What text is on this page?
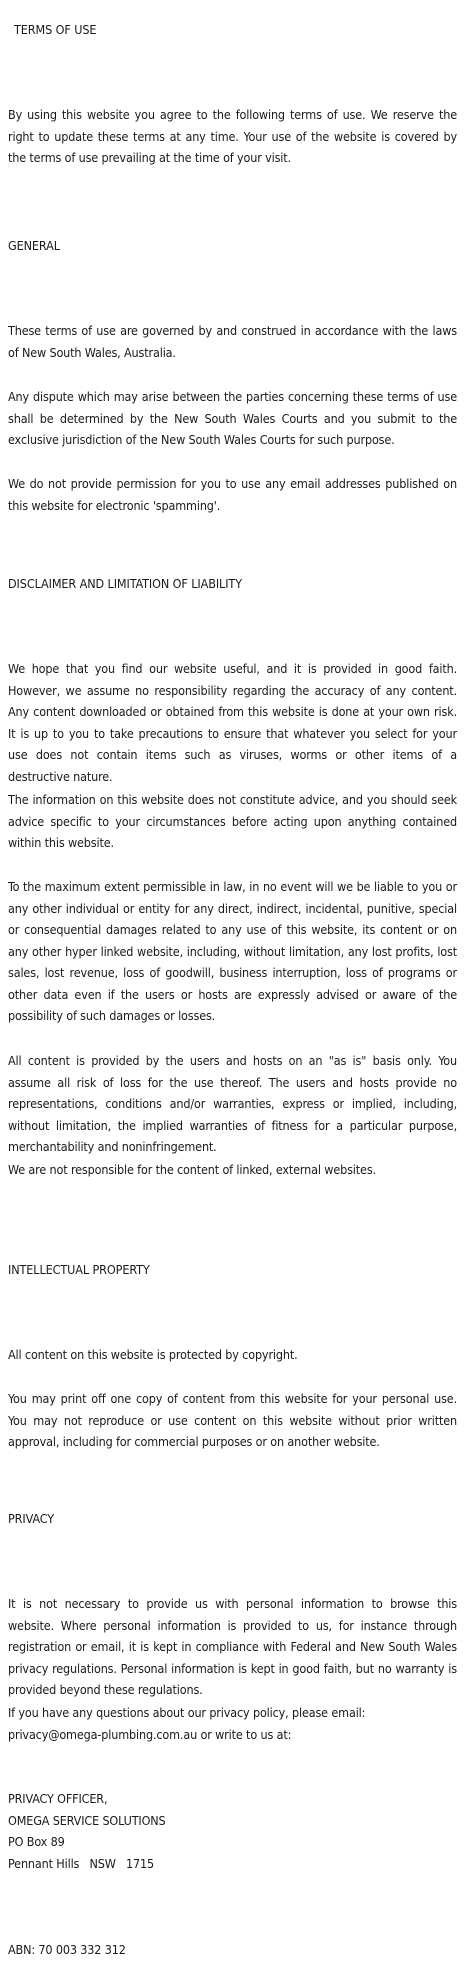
TERMS OF USE

By using this website you agree to the following terms of use. We reserve the right to update these terms at any time. Your use of the website is covered by the terms of use prevailing at the time of your visit.

GENERAL

These terms of use are governed by and construed in accordance with the laws of New South Wales, Australia.

Any dispute which may arise between the parties concerning these terms of use shall be determined by the New South Wales Courts and you submit to the exclusive jurisdiction of the New South Wales Courts for such purpose.

We do not provide permission for you to use any email addresses published on this website for electronic 'spamming'.

DISCLAIMER AND LIMITATION OF LIABILITY

We hope that you find our website useful, and it is provided in good faith. However, we assume no responsibility regarding the accuracy of any content. Any content downloaded or obtained from this website is done at your own risk. It is up to you to take precautions to ensure that whatever you select for your use does not contain items such as viruses, worms or other items of a destructive nature.

The information on this website does not constitute advice, and you should seek advice specific to your circumstances before acting upon anything contained within this website.

To the maximum extent permissible in law, in no event will we be liable to you or any other individual or entity for any direct, indirect, incidental, punitive, special or consequential damages related to any use of this website, its content or on any other hyper linked website, including, without limitation, any lost profits, lost sales, lost revenue, loss of goodwill, business interruption, loss of programs or other data even if the users or hosts are expressly advised or aware of the possibility of such damages or losses.

All content is provided by the users and hosts on an "as is" basis only. You assume all risk of loss for the use thereof. The users and hosts provide no representations, conditions and/or warranties, express or implied, including, without limitation, the implied warranties of fitness for a particular purpose, merchantability and noninfringement.

We are not responsible for the content of linked, external websites.

INTELLECTUAL PROPERTY

All content on this website is protected by copyright.

You may print off one copy of content from this website for your personal use. You may not reproduce or use content on this website without prior written approval, including for commercial purposes or on another website.

PRIVACY

It is not necessary to provide us with personal information to browse this website. Where personal information is provided to us, for instance through registration or email, it is kept in compliance with Federal and New South Wales privacy regulations. Personal information is kept in good faith, but no warranty is provided beyond these regulations.

If you have any questions about our privacy policy, please email:
privacy@omega-plumbing.com.au or write to us at:

PRIVACY OFFICER,
OMEGA SERVICE SOLUTIONS
PO Box 89
Pennant Hills   NSW   1715
ABN: 70 003 332 312
